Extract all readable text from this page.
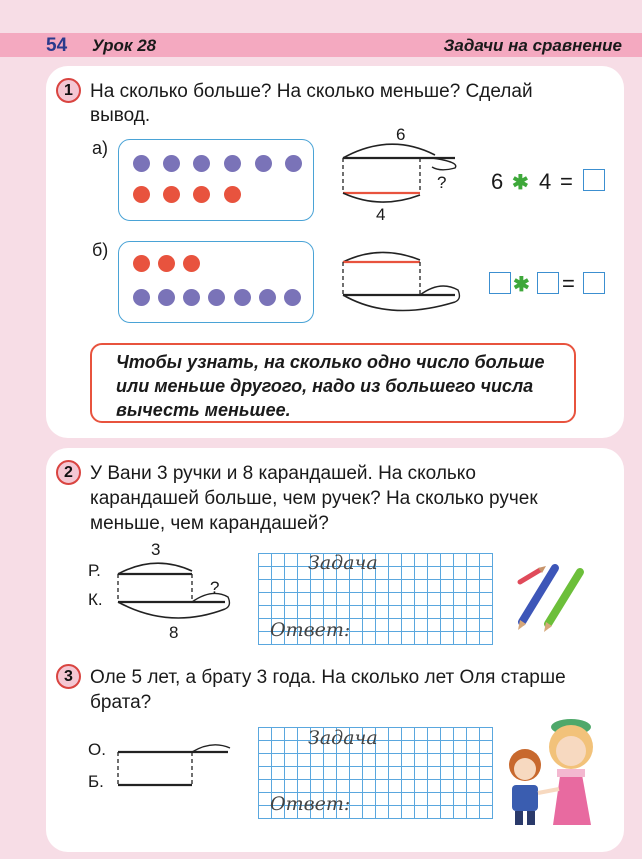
54 Урок 28	Задачи на сравнение
1 На сколько больше? На сколько меньше? Сделай
вывод.
а)
6
?
4
6 ✱ 4 =
б)
✱ =
Чтобы узнать, на сколько одно число больше
или меньше другого, надо из большего числа
вычесть меньшее.
2 У Вани 3 ручки и 8 карандашей. На сколько
карандашей больше, чем ручек? На сколько ручек
меньше, чем карандашей?
Р.
К.
3
?
8
Задача
Ответ:
3 Оле 5 лет, а брату 3 года. На сколько лет Оля старше
брата?
О.
Б.
Задача
Ответ:
